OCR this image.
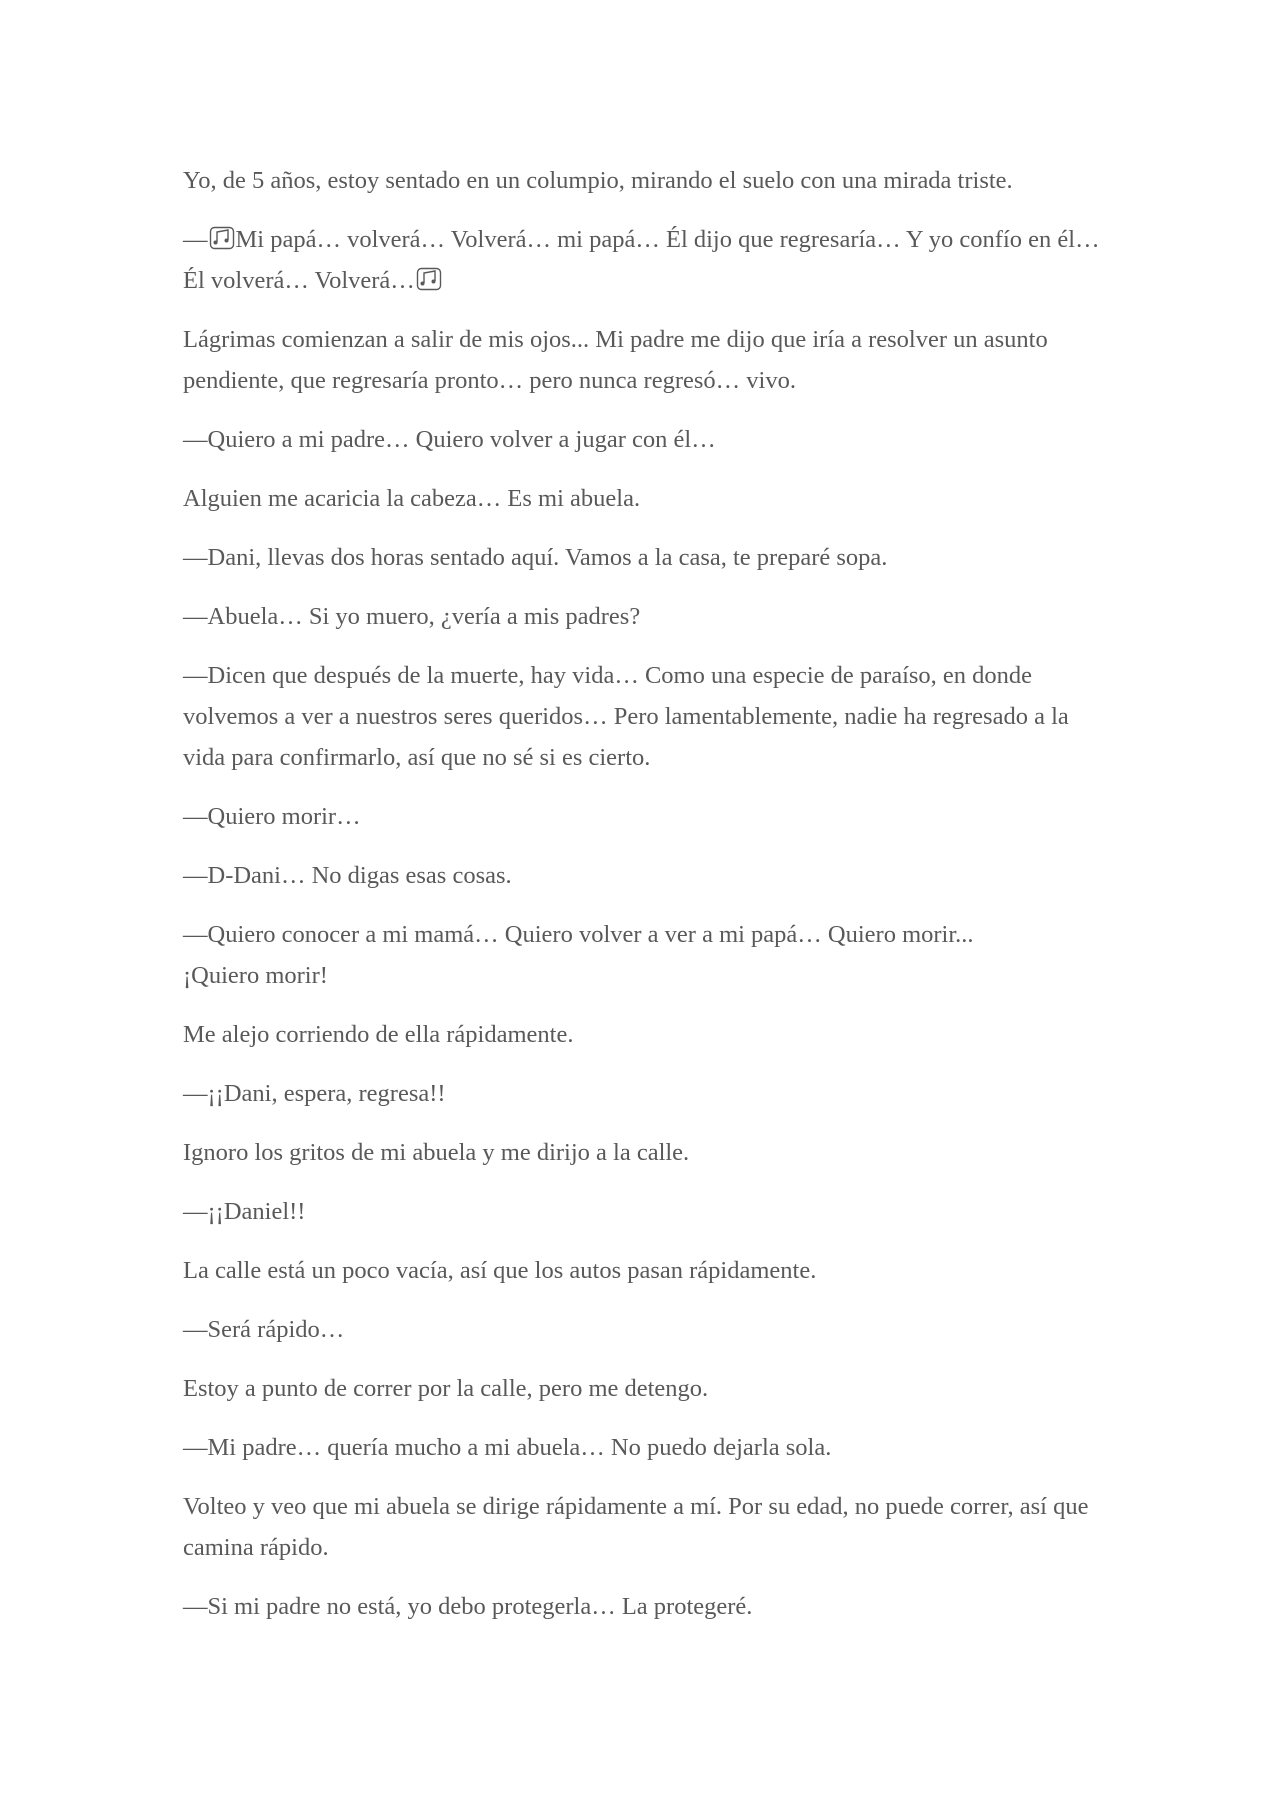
Yo, de 5 años, estoy sentado en un columpio, mirando el suelo con una mirada triste.

— Mi papá… volverá… Volverá… mi papá… Él dijo que regresaría… Y yo confío en él… Él volverá… Volverá…

Lágrimas comienzan a salir de mis ojos... Mi padre me dijo que iría a resolver un asunto pendiente, que regresaría pronto… pero nunca regresó… vivo.

—Quiero a mi padre… Quiero volver a jugar con él…

Alguien me acaricia la cabeza… Es mi abuela.

—Dani, llevas dos horas sentado aquí. Vamos a la casa, te preparé sopa.

—Abuela… Si yo muero, ¿vería a mis padres?

—Dicen que después de la muerte, hay vida… Como una especie de paraíso, en donde volvemos a ver a nuestros seres queridos… Pero lamentablemente, nadie ha regresado a la vida para confirmarlo, así que no sé si es cierto.

—Quiero morir…

—D-Dani… No digas esas cosas.

—Quiero conocer a mi mamá… Quiero volver a ver a mi papá… Quiero morir...
¡Quiero morir!

Me alejo corriendo de ella rápidamente.

—¡¡Dani, espera, regresa!!

Ignoro los gritos de mi abuela y me dirijo a la calle.

—¡¡Daniel!!

La calle está un poco vacía, así que los autos pasan rápidamente.

—Será rápido…

Estoy a punto de correr por la calle, pero me detengo.

—Mi padre… quería mucho a mi abuela… No puedo dejarla sola.

Volteo y veo que mi abuela se dirige rápidamente a mí. Por su edad, no puede correr, así que camina rápido.

—Si mi padre no está, yo debo protegerla… La protegeré.
